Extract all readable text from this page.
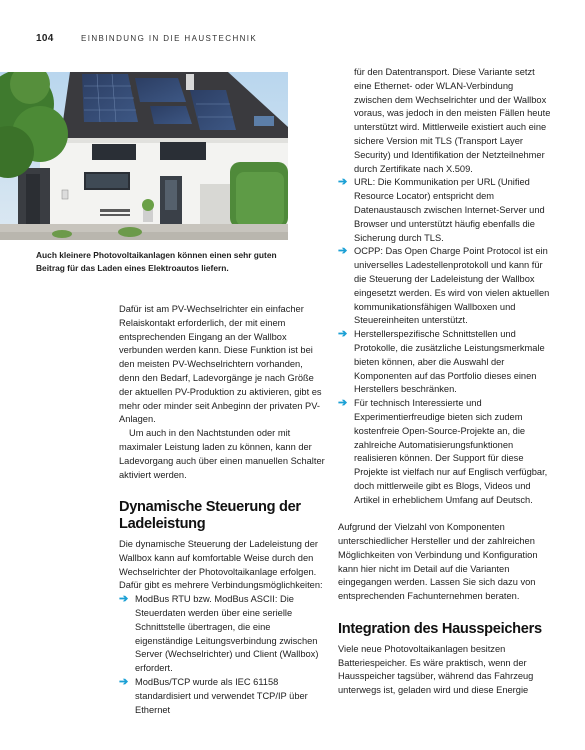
104	EINBINDUNG IN DIE HAUSTECHNIK
Auch kleinere Photovoltaikanlagen können einen sehr guten Beitrag für das Laden eines Elektroautos liefern.

Dafür ist am PV-Wechselrichter ein einfacher Relaiskontakt erforderlich, der mit einem entsprechenden Eingang an der Wallbox verbunden werden kann. Diese Funktion ist bei den meisten PV-Wechselrichtern vorhanden, denn den Bedarf, Ladevorgänge je nach Größe der aktuellen PV-Produktion zu aktivieren, gibt es mehr oder minder seit Anbeginn der privaten PV-Anlagen.

Um auch in den Nachtstunden oder mit maximaler Leistung laden zu können, kann der Ladevorgang auch über einen manuellen Schalter aktiviert werden.

Dynamische Steuerung der Ladeleistung

Die dynamische Steuerung der Ladeleistung der Wallbox kann auf komfortable Weise durch den Wechselrichter der Photovoltaikanlage erfolgen. Dafür gibt es mehrere Verbindungsmöglichkeiten:

➔ ModBus RTU bzw. ModBus ASCII: Die Steuerdaten werden über eine serielle Schnittstelle übertragen, die eine eigenständige Leitungsverbindung zwischen Server (Wechselrichter) und Client (Wallbox) erfordert.
➔ ModBus/TCP wurde als IEC 61158 standardisiert und verwendet TCP/IP über Ethernet

für den Datentransport. Diese Variante setzt eine Ethernet- oder WLAN-Verbindung zwischen dem Wechselrichter und der Wallbox voraus, was jedoch in den meisten Fällen heute unterstützt wird. Mittlerweile existiert auch eine sichere Version mit TLS (Transport Layer Security) und Identifikation der Netzteilnehmer durch Zertifikate nach X.509.

➔ URL: Die Kommunikation per URL (Unified Resource Locator) entspricht dem Datenaustausch zwischen Internet-Server und Browser und unterstützt häufig ebenfalls die Sicherung durch TLS.
➔ OCPP: Das Open Charge Point Protocol ist ein universelles Ladestellenprotokoll und kann für die Steuerung der Ladeleistung der Wallbox eingesetzt werden. Es wird von vielen aktuellen kommunikationsfähigen Wallboxen und Steuereinheiten unterstützt.
➔ Herstellerspezifische Schnittstellen und Protokolle, die zusätzliche Leistungsmerkmale bieten können, aber die Auswahl der Komponenten auf das Portfolio dieses einen Herstellers beschränken.
➔ Für technisch Interessierte und Experimentierfreudige bieten sich zudem kostenfreie Open-Source-Projekte an, die zahlreiche Automatisierungsfunktionen realisieren können. Der Support für diese Projekte ist vielfach nur auf Englisch verfügbar, doch mittlerweile gibt es Blogs, Videos und Artikel in erheblichem Umfang auf Deutsch.

Aufgrund der Vielzahl von Komponenten unterschiedlicher Hersteller und der zahlreichen Möglichkeiten von Verbindung und Konfiguration kann hier nicht im Detail auf die Varianten eingegangen werden. Lassen Sie sich dazu von entsprechenden Fachunternehmen beraten.

Integration des Hausspeichers

Viele neue Photovoltaikanlagen besitzen Batteriespeicher. Es wäre praktisch, wenn der Hausspeicher tagsüber, während das Fahrzeug unterwegs ist, geladen wird und diese Energie
